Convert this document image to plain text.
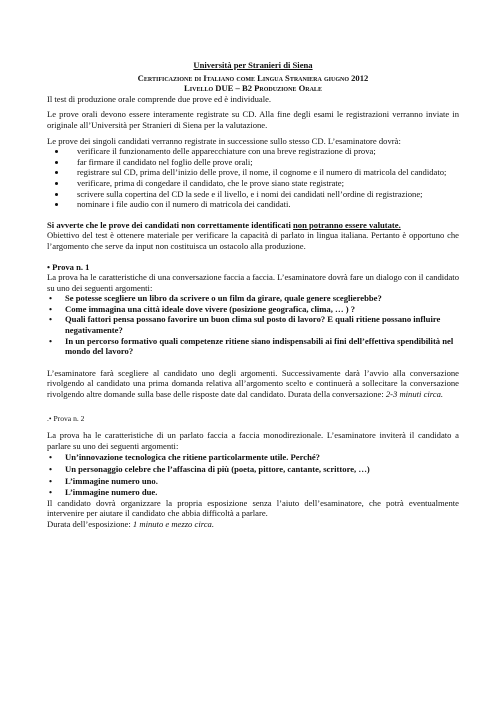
Università per Stranieri di Siena
Certificazione di Italiano come Lingua Straniera giugno 2012
Livello DUE – B2 Produzione Orale

Il test di produzione orale comprende due prove ed è individuale.

Le prove orali devono essere interamente registrate su CD. Alla fine degli esami le registrazioni verranno inviate in originale all’Università per Stranieri di Siena per la valutazione.

Le prove dei singoli candidati verranno registrate in successione sullo stesso CD. L’esaminatore dovrà:

• verificare il funzionamento delle apparecchiature con una breve registrazione di prova;
• far firmare il candidato nel foglio delle prove orali;
• registrare sul CD, prima dell’inizio delle prove, il nome, il cognome e il numero di matricola del candidato;
• verificare, prima di congedare il candidato, che le prove siano state registrate;
• scrivere sulla copertina del CD la sede e il livello, e i nomi dei candidati nell’ordine di registrazione;
• nominare i file audio con il numero di matricola dei candidati.

Si avverte che le prove dei candidati non correttamente identificati non potranno essere valutate.

Obiettivo del test è ottenere materiale per verificare la capacità di parlato in lingua italiana. Pertanto è opportuno che l’argomento che serve da input non costituisca un ostacolo alla produzione.

• Prova n. 1

La prova ha le caratteristiche di una conversazione faccia a faccia. L’esaminatore dovrà fare un dialogo con il candidato su uno dei seguenti argomenti:

• Se potesse scegliere un libro da scrivere o un film da girare, quale genere sceglierebbe?
• Come immagina una città ideale dove vivere (posizione geografica, clima, … ) ?
• Quali fattori pensa possano favorire un buon clima sul posto di lavoro? E quali ritiene possano influire negativamente?
• In un percorso formativo quali competenze ritiene siano indispensabili ai fini dell’effettiva spendibilità nel mondo del lavoro?

L’esaminatore farà scegliere al candidato uno degli argomenti. Successivamente darà l’avvio alla conversazione rivolgendo al candidato una prima domanda relativa all’argomento scelto e continuerà a sollecitare la conversazione rivolgendo altre domande sulla base delle risposte date dal candidato. Durata della conversazione: 2-3 minuti circa.

.• Prova n. 2

La prova ha le caratteristiche di un parlato faccia a faccia monodirezionale. L’esaminatore inviterà il candidato a parlare su uno dei seguenti argomenti:

• Un’innovazione tecnologica che ritiene particolarmente utile. Perché?
• Un personaggio celebre che l’affascina di più (poeta, pittore, cantante, scrittore, …)
• L’immagine numero uno.
• L’immagine numero due.

Il candidato dovrà organizzare la propria esposizione senza l’aiuto dell’esaminatore, che potrà eventualmente intervenire per aiutare il candidato che abbia difficoltà a parlare.

Durata dell’esposizione: 1 minuto e mezzo circa.
